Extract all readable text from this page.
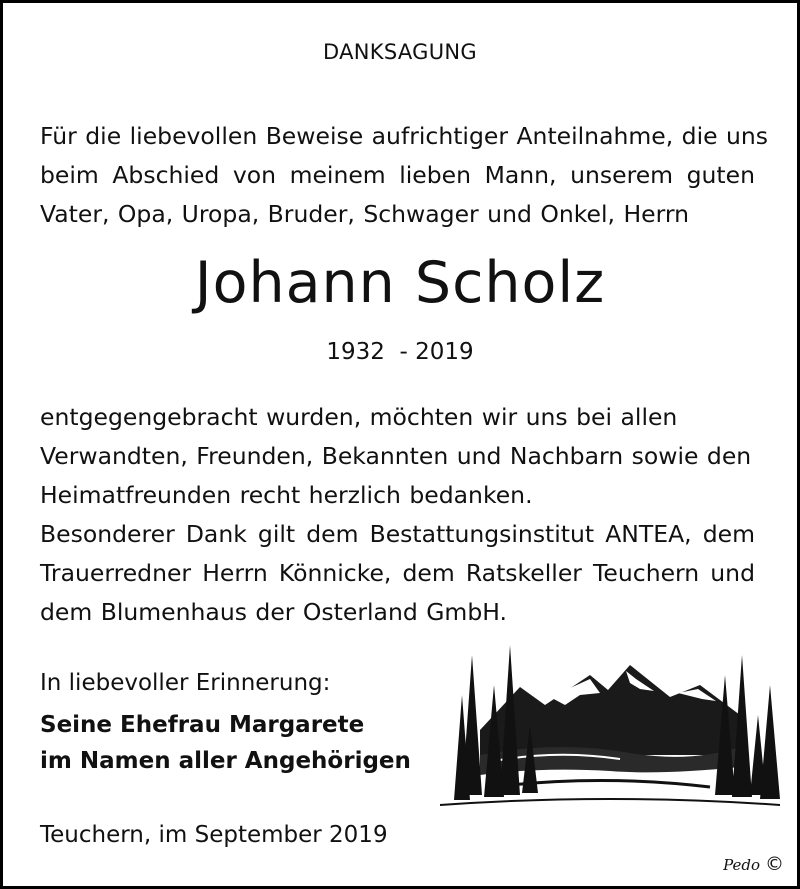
DANKSAGUNG
Für die liebevollen Beweise aufrichtiger Anteilnahme, die uns
beim Abschied von meinem lieben Mann, unserem guten
Vater, Opa, Uropa, Bruder, Schwager und Onkel, Herrn
Johann Scholz
1932  - 2019
entgegengebracht wurden, möchten wir uns bei allen
Verwandten, Freunden, Bekannten und Nachbarn sowie den
Heimatfreunden recht herzlich bedanken.
Besonderer Dank gilt dem Bestattungsinstitut ANTEA, dem
Trauerredner Herrn Könnicke, dem Ratskeller Teuchern und
dem Blumenhaus der Osterland GmbH.
In liebevoller Erinnerung:
Seine Ehefrau Margarete
im Namen aller Angehörigen
Teuchern, im September 2019
Pedo ©
